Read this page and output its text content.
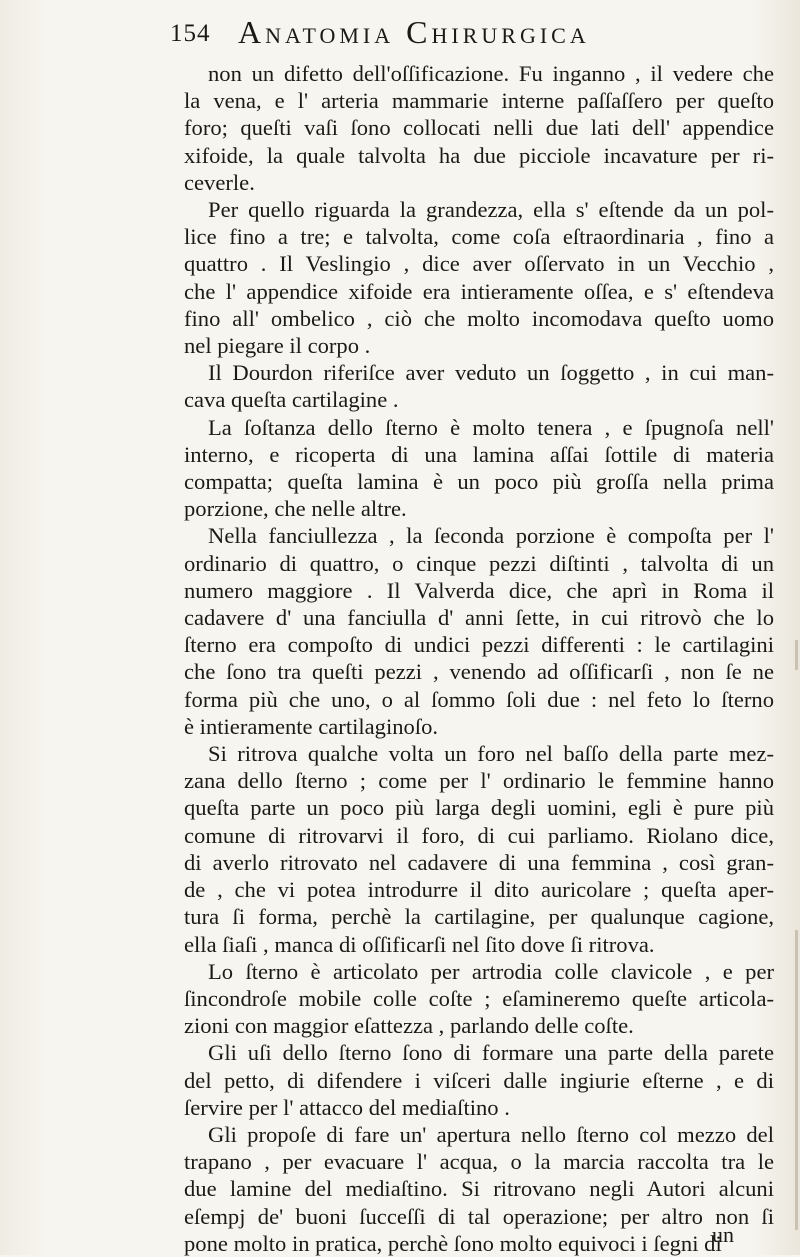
154 Anatomia Chirurgica
non un difetto dell'oſſificazione. Fu inganno , il vedere che
la vena, e l' arteria mammarie interne paſſaſſero per queſto
foro; queſti vaſi ſono collocati nelli due lati dell' appendice
xifoide, la quale talvolta ha due picciole incavature per ri-
ceverle.
Per quello riguarda la grandezza, ella s' eſtende da un pol-
lice fino a tre; e talvolta, come coſa eſtraordinaria , fino a
quattro . Il Veslingio , dice aver oſſervato in un Vecchio ,
che l' appendice xifoide era intieramente oſſea, e s' eſtendeva
fino all' ombelico , ciò che molto incomodava queſto uomo
nel piegare il corpo .
Il Dourdon riferiſce aver veduto un ſoggetto , in cui man-
cava queſta cartilagine .
La ſoſtanza dello ſterno è molto tenera , e ſpugnoſa nell'
interno, e ricoperta di una lamina aſſai ſottile di materia
compatta; queſta lamina è un poco più groſſa nella prima
porzione, che nelle altre.
Nella fanciullezza , la ſeconda porzione è compoſta per l'
ordinario di quattro, o cinque pezzi diſtinti , talvolta di un
numero maggiore . Il Valverda dice, che aprì in Roma il
cadavere d' una fanciulla d' anni ſette, in cui ritrovò che lo
ſterno era compoſto di undici pezzi differenti : le cartilagini
che ſono tra queſti pezzi , venendo ad oſſificarſi , non ſe ne
forma più che uno, o al ſommo ſoli due : nel feto lo ſterno
è intieramente cartilaginoſo.
Si ritrova qualche volta un foro nel baſſo della parte mez-
zana dello ſterno ; come per l' ordinario le femmine hanno
queſta parte un poco più larga degli uomini, egli è pure più
comune di ritrovarvi il foro, di cui parliamo. Riolano dice,
di averlo ritrovato nel cadavere di una femmina , così gran-
de , che vi potea introdurre il dito auricolare ; queſta aper-
tura ſi forma, perchè la cartilagine, per qualunque cagione,
ella ſiaſi , manca di oſſificarſi nel ſito dove ſi ritrova.
Lo ſterno è articolato per artrodia colle clavicole , e per
ſincondroſe mobile colle coſte ; eſamineremo queſte articola-
zioni con maggior eſattezza , parlando delle coſte.
Gli uſi dello ſterno ſono di formare una parte della parete
del petto, di difendere i viſceri dalle ingiurie eſterne , e di
ſervire per l' attacco del mediaſtino .
Gli propoſe di fare un' apertura nello ſterno col mezzo del
trapano , per evacuare l' acqua, o la marcia raccolta tra le
due lamine del mediaſtino. Si ritrovano negli Autori alcuni
eſempj de' buoni ſucceſſi di tal operazione; per altro non ſi
pone molto in pratica, perchè ſono molto equivoci i ſegni di
un
